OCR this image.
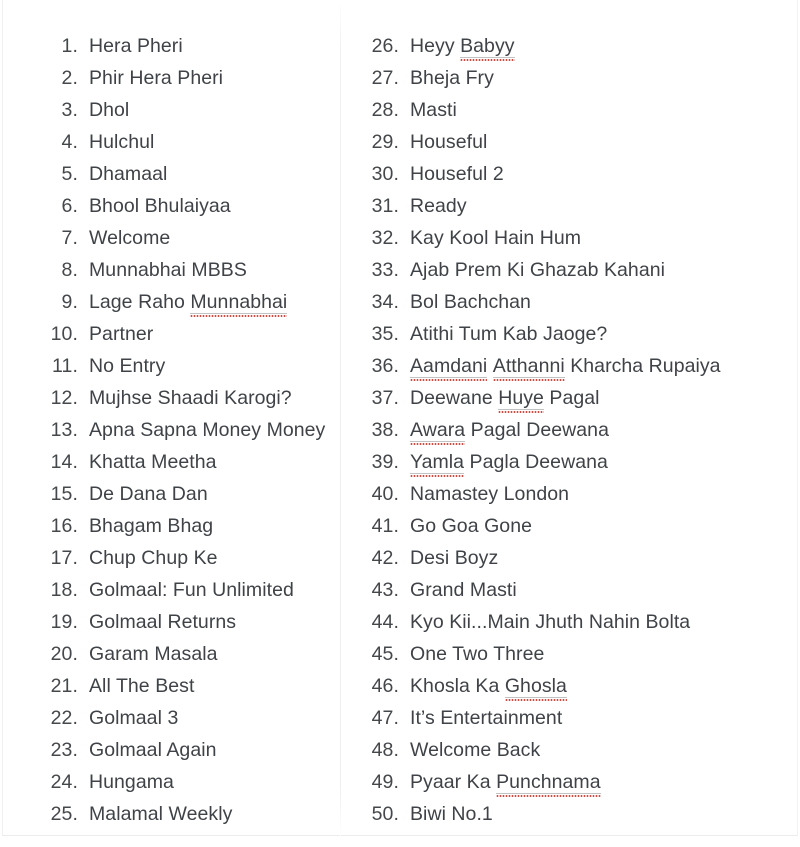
1. Hera Pheri
2. Phir Hera Pheri
3. Dhol
4. Hulchul
5. Dhamaal
6. Bhool Bhulaiyaa
7. Welcome
8. Munnabhai MBBS
9. Lage Raho Munnabhai
10. Partner
11. No Entry
12. Mujhse Shaadi Karogi?
13. Apna Sapna Money Money
14. Khatta Meetha
15. De Dana Dan
16. Bhagam Bhag
17. Chup Chup Ke
18. Golmaal: Fun Unlimited
19. Golmaal Returns
20. Garam Masala
21. All The Best
22. Golmaal 3
23. Golmaal Again
24. Hungama
25. Malamal Weekly
26. Heyy Babyy
27. Bheja Fry
28. Masti
29. Houseful
30. Houseful 2
31. Ready
32. Kay Kool Hain Hum
33. Ajab Prem Ki Ghazab Kahani
34. Bol Bachchan
35. Atithi Tum Kab Jaoge?
36. Aamdani Atthanni Kharcha Rupaiya
37. Deewane Huye Pagal
38. Awara Pagal Deewana
39. Yamla Pagla Deewana
40. Namastey London
41. Go Goa Gone
42. Desi Boyz
43. Grand Masti
44. Kyo Kii...Main Jhuth Nahin Bolta
45. One Two Three
46. Khosla Ka Ghosla
47. It’s Entertainment
48. Welcome Back
49. Pyaar Ka Punchnama
50. Biwi No.1
